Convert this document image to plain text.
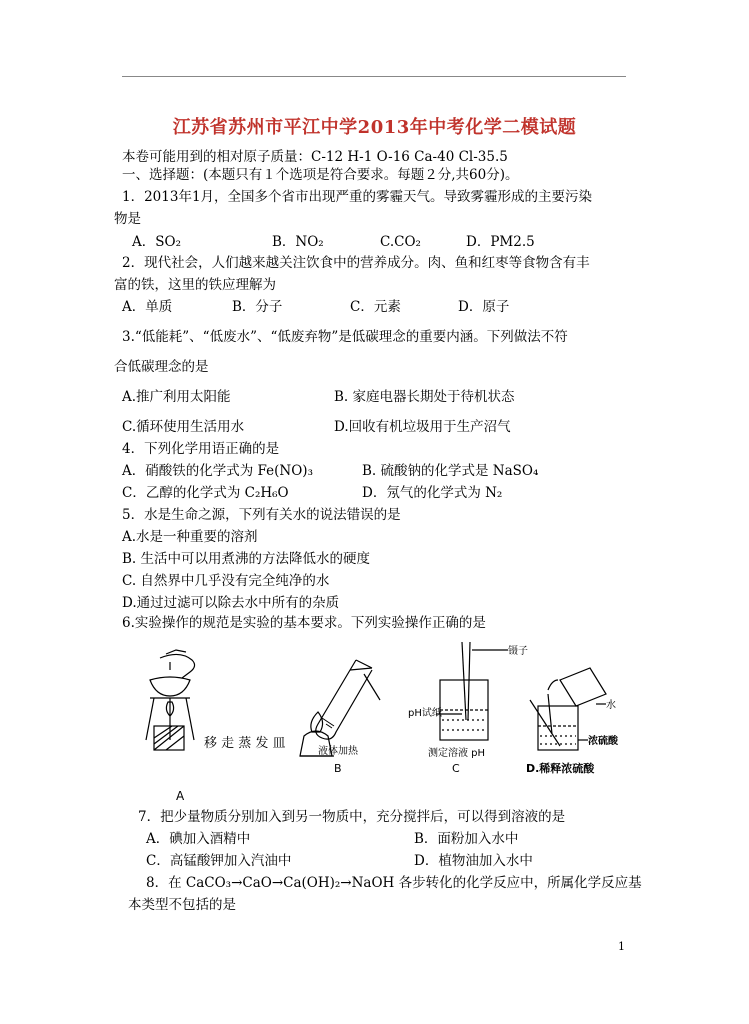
江苏省苏州市平江中学2013年中考化学二模试题
本卷可能用到的相对原子质量：C-12 H-1 O-16 Ca-40 Cl-35.5
一、选择题：(本题只有１个选项是符合要求。每题２分,共60分)。
1．2013年1月，全国多个省市出现严重的雾霾天气。导致雾霾形成的主要污染
物是
A．SO₂	B．NO₂	C.CO₂	D．PM2.5
2．现代社会，人们越来越关注饮食中的营养成分。肉、鱼和红枣等食物含有丰
富的铁，这里的铁应理解为
A．单质	B．分子	C．元素	D．原子
3.“低能耗”、“低废水”、“低废弃物”是低碳理念的重要内涵。下列做法不符
合低碳理念的是
A.推广利用太阳能	B. 家庭电器长期处于待机状态
C.循环使用生活用水	D.回收有机垃圾用于生产沼气
4．下列化学用语正确的是
A．硝酸铁的化学式为 Fe(NO)₃	B. 硫酸钠的化学式是 NaSO₄
C．乙醇的化学式为 C₂H₆O	D．氖气的化学式为 N₂
5．水是生命之源，下列有关水的说法错误的是
A.水是一种重要的溶剂
B. 生活中可以用煮沸的方法降低水的硬度
C. 自然界中几乎没有完全纯净的水
D.通过过滤可以除去水中所有的杂质
6.实验操作的规范是实验的基本要求。下列实验操作正确的是
移 走 蒸 发 皿
A
液体加热
B
镊子
pH试纸
测定溶液 pH
C
水
浓硫酸
D.稀释浓硫酸
7．把少量物质分别加入到另一物质中，充分搅拌后，可以得到溶液的是
A．碘加入酒精中	B．面粉加入水中
C．高锰酸钾加入汽油中	D．植物油加入水中
8．在 CaCO₃→CaO→Ca(OH)₂→NaOH 各步转化的化学反应中，所属化学反应基
本类型不包括的是
1
